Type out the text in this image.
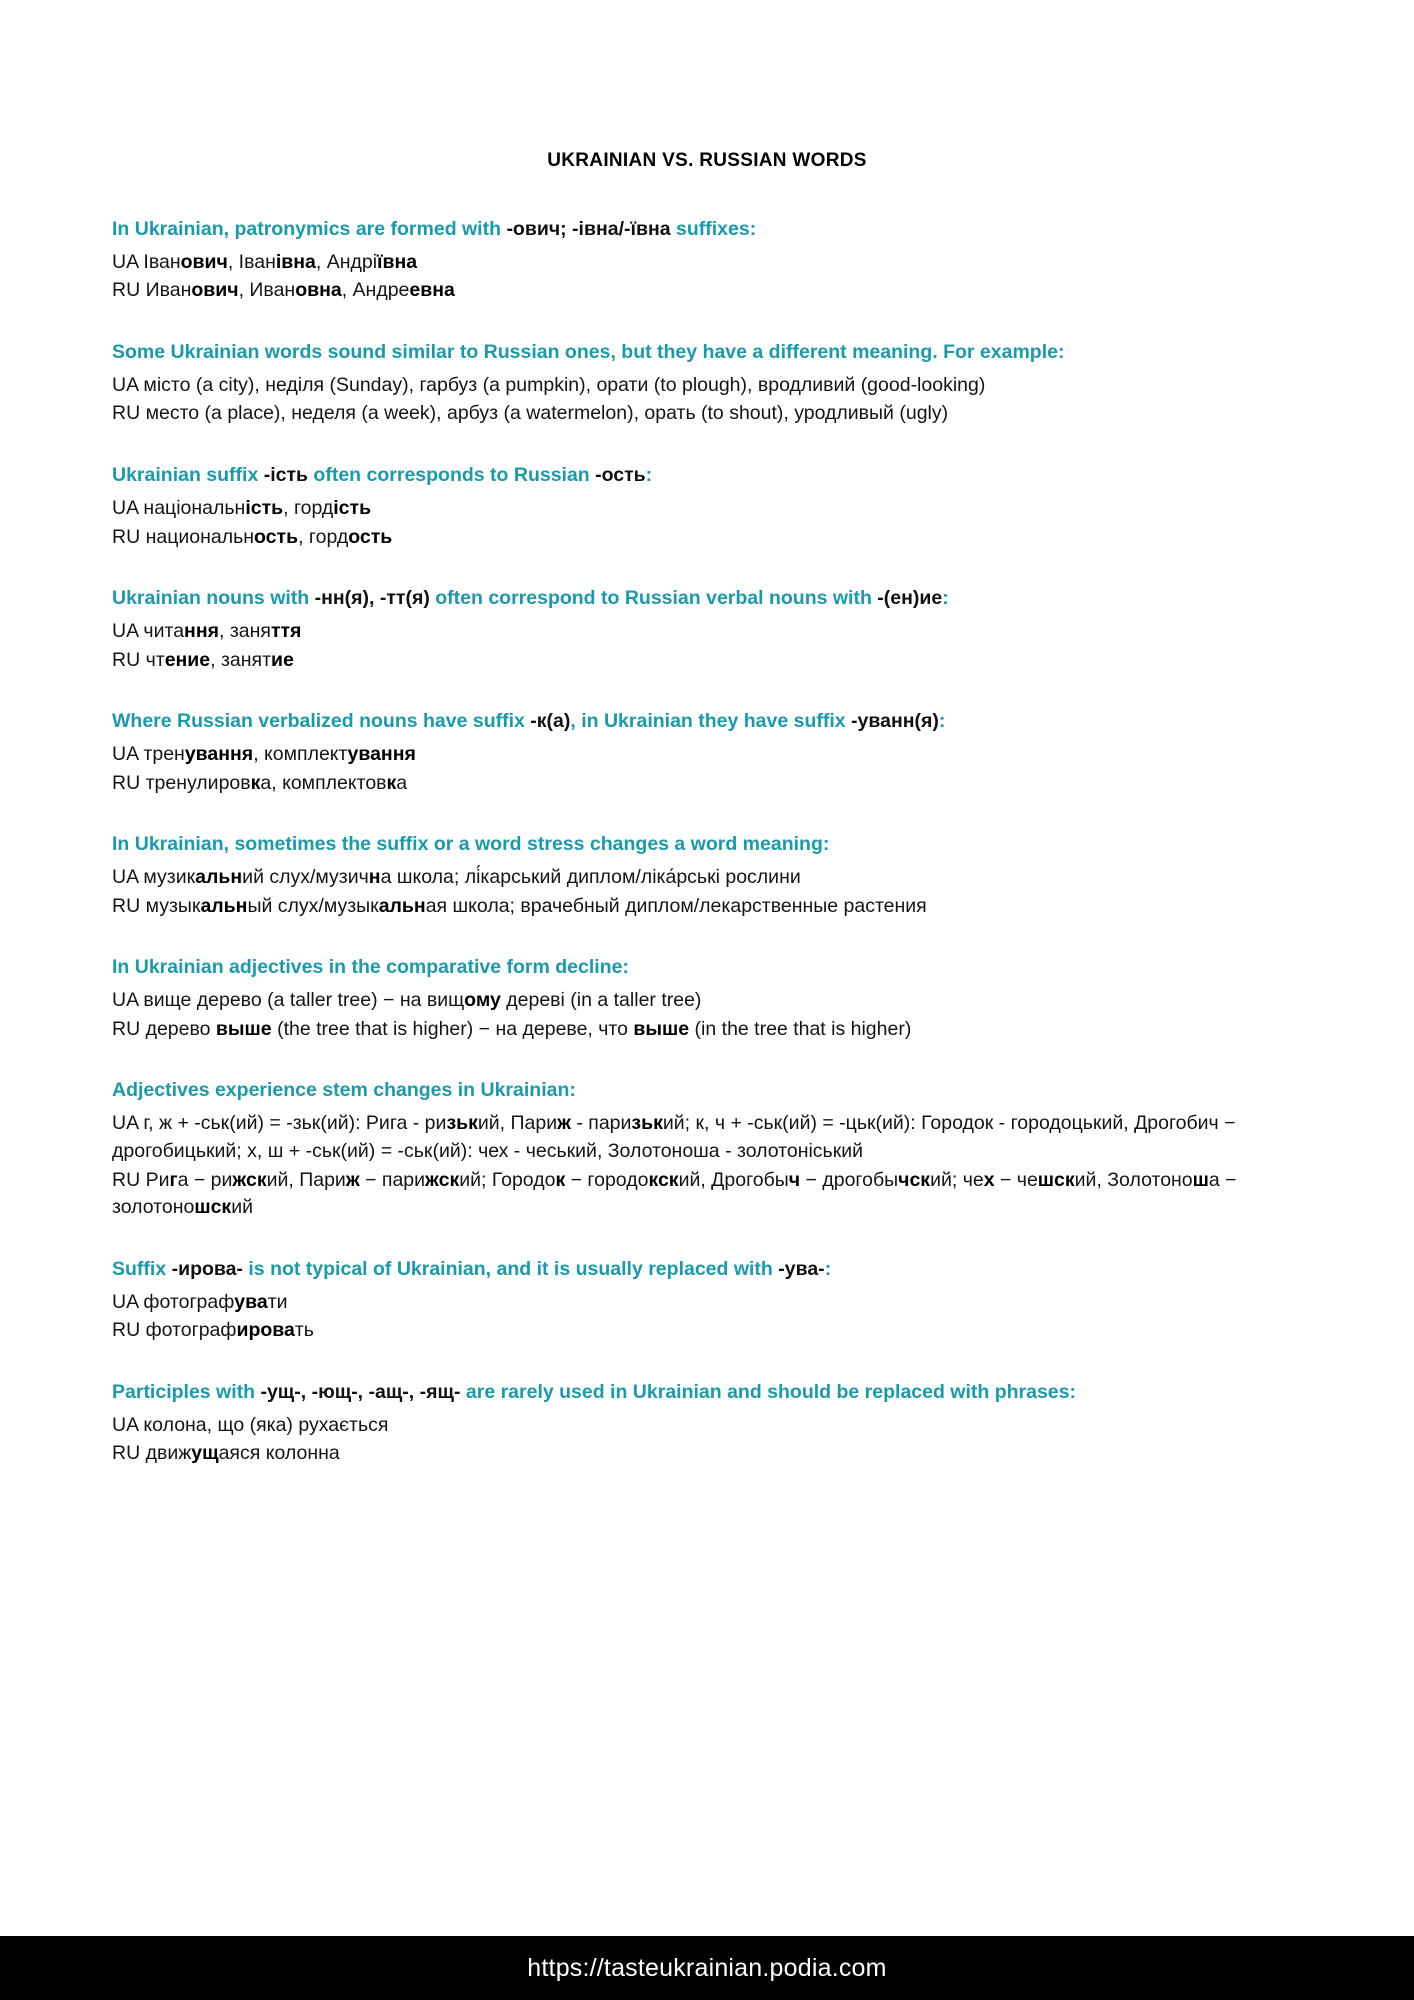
UKRAINIAN VS. RUSSIAN WORDS
In Ukrainian, patronymics are formed with -ович; -івна/-ївна suffixes:
UA Іванович, Іванівна, Андріївна
RU Иванович, Ивановна, Андреевна
Some Ukrainian words sound similar to Russian ones, but they have a different meaning. For example:
UA місто (a city), неділя (Sunday), гарбуз (a pumpkin), орати (to plough), вродливий (good-looking)
RU место (a place), неделя (a week), арбуз (a watermelon), орать (to shout), уродливый (ugly)
Ukrainian suffix -ість often corresponds to Russian -ость:
UA національність, гордість
RU национальность, гордость
Ukrainian nouns with -нн(я), -тт(я) often correspond to Russian verbal nouns with -(ен)ие:
UA читання, заняття
RU чтение, занятие
Where Russian verbalized nouns have suffix -к(а), in Ukrainian they have suffix -уванн(я):
UA тренування, комплектування
RU тренулировка, комплектовка
In Ukrainian, sometimes the suffix or a word stress changes a word meaning:
UA музикальний слух/музична школа; лі́карський диплом/ліка́рські рослини
RU музыкальный слух/музыкальная школа; врачебный диплом/лекарственные растения
In Ukrainian adjectives in the comparative form decline:
UA вище дерево (a taller tree) − на вищому дереві (in a taller tree)
RU дерево выше (the tree that is higher) − на дереве, что выше (in the tree that is higher)
Adjectives experience stem changes in Ukrainian:
UA г, ж + -ськ(ий) = -зьк(ий): Рига - ризький, Париж - паризький; к, ч + -ськ(ий) = -цьк(ий): Городок - городоцький, Дрогобич − дрогобицький; х, ш + -ськ(ий) = -ськ(ий): чех - чеський, Золотоноша - золотоніський
RU Рига − рижский, Париж − парижский; Городок − городокский, Дрогобыч − дрогобычский; чех − чешский, Золотоноша − золотоношский
Suffix -ирова- is not typical of Ukrainian, and it is usually replaced with -ува-:
UA фотографувати
RU фотографировать
Participles with -ущ-, -ющ-, -ащ-, -ящ- are rarely used in Ukrainian and should be replaced with phrases:
UA колона, що (яка) рухається
RU движущаяся колонна
https://tasteukrainian.podia.com
